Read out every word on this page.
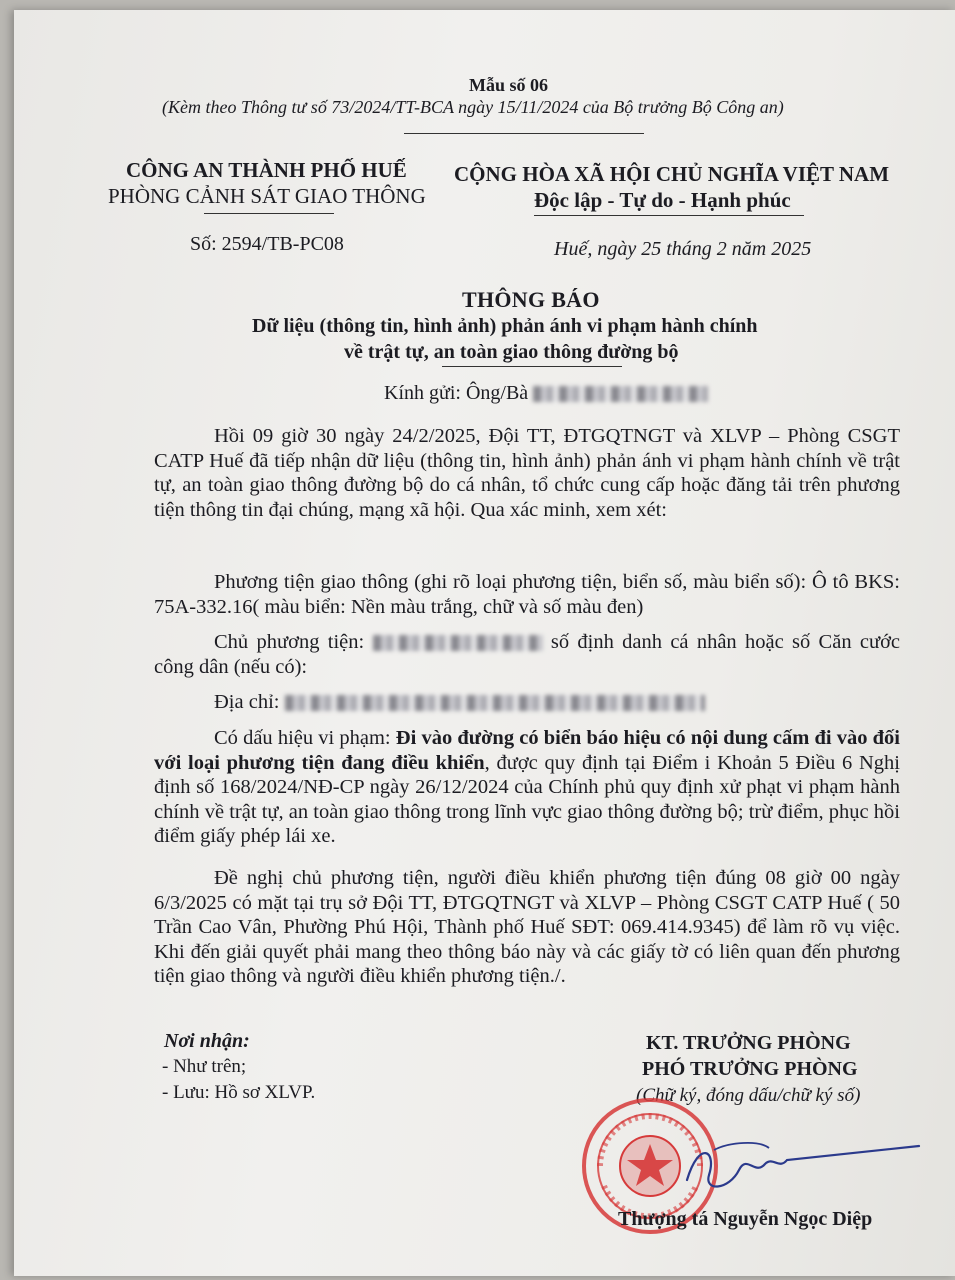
Mẫu số 06
(Kèm theo Thông tư số 73/2024/TT-BCA ngày 15/11/2024 của Bộ trưởng Bộ Công an)
CÔNG AN THÀNH PHỐ HUẾ
PHÒNG CẢNH SÁT GIAO THÔNG
CỘNG HÒA XÃ HỘI CHỦ NGHĨA VIỆT NAM
Độc lập - Tự do - Hạnh phúc
Số: 2594/TB-PC08	Huế, ngày 25 tháng 2 năm 2025
THÔNG BÁO
Dữ liệu (thông tin, hình ảnh) phản ánh vi phạm hành chính
về trật tự, an toàn giao thông đường bộ
Kính gửi: Ông/Bà
Hồi 09 giờ 30 ngày 24/2/2025, Đội TT, ĐTGQTNGT và XLVP – Phòng CSGT CATP Huế đã tiếp nhận dữ liệu (thông tin, hình ảnh) phản ánh vi phạm hành chính về trật tự, an toàn giao thông đường bộ do cá nhân, tổ chức cung cấp hoặc đăng tải trên phương tiện thông tin đại chúng, mạng xã hội. Qua xác minh, xem xét:
Phương tiện giao thông (ghi rõ loại phương tiện, biển số, màu biển số): Ô tô BKS: 75A-332.16( màu biển: Nền màu trắng, chữ và số màu đen)
Chủ phương tiện:	số định danh cá nhân hoặc số Căn cước công dân (nếu có):
Địa chỉ:
Có dấu hiệu vi phạm: Đi vào đường có biển báo hiệu có nội dung cấm đi vào đối với loại phương tiện đang điều khiển, được quy định tại Điểm i Khoản 5 Điều 6 Nghị định số 168/2024/NĐ-CP ngày 26/12/2024 của Chính phủ quy định xử phạt vi phạm hành chính về trật tự, an toàn giao thông trong lĩnh vực giao thông đường bộ; trừ điểm, phục hồi điểm giấy phép lái xe.
Đề nghị chủ phương tiện, người điều khiển phương tiện đúng 08 giờ 00 ngày 6/3/2025 có mặt tại trụ sở Đội TT, ĐTGQTNGT và XLVP – Phòng CSGT CATP Huế ( 50 Trần Cao Vân, Phường Phú Hội, Thành phố Huế SĐT: 069.414.9345) để làm rõ vụ việc. Khi đến giải quyết phải mang theo thông báo này và các giấy tờ có liên quan đến phương tiện giao thông và người điều khiển phương tiện./.
Nơi nhận:
- Như trên;
- Lưu: Hồ sơ XLVP.
KT. TRƯỞNG PHÒNG
PHÓ TRƯỞNG PHÒNG
(Chữ ký, đóng dấu/chữ ký số)
Thượng tá Nguyễn Ngọc Diệp
